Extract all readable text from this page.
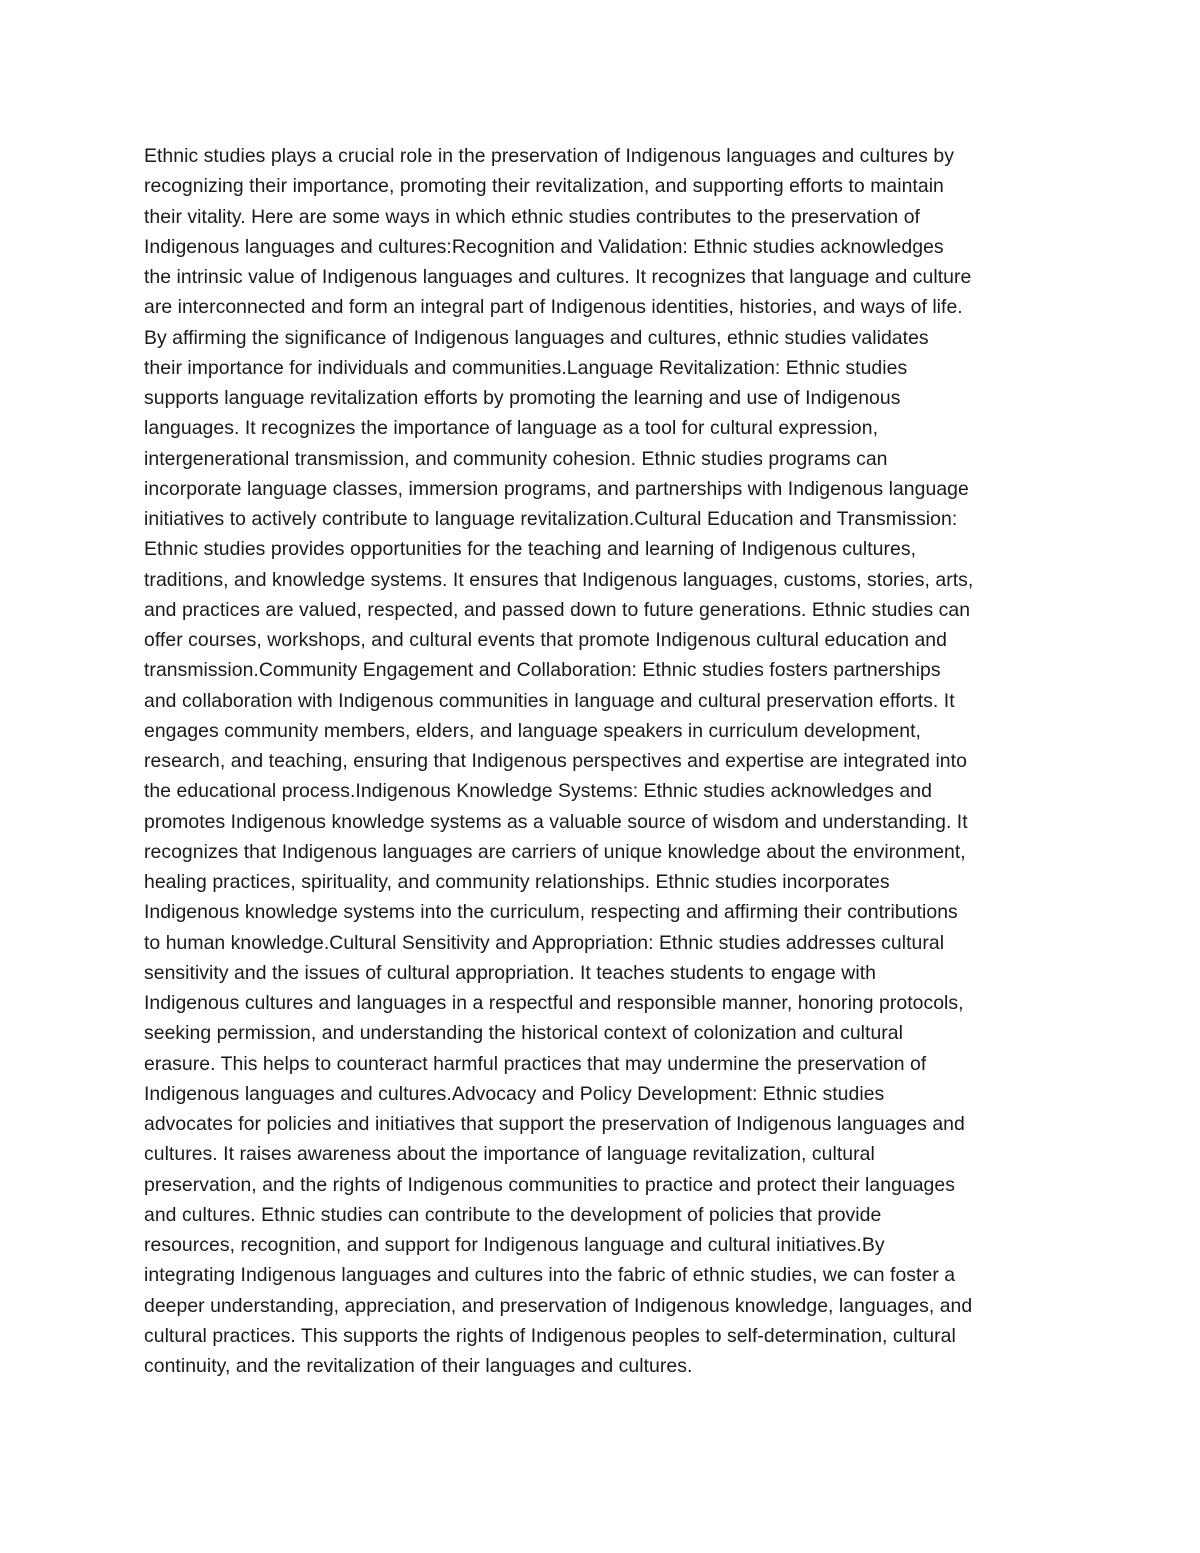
Ethnic studies plays a crucial role in the preservation of Indigenous languages and cultures by
recognizing their importance, promoting their revitalization, and supporting efforts to maintain
their vitality. Here are some ways in which ethnic studies contributes to the preservation of
Indigenous languages and cultures:Recognition and Validation: Ethnic studies acknowledges
the intrinsic value of Indigenous languages and cultures. It recognizes that language and culture
are interconnected and form an integral part of Indigenous identities, histories, and ways of life.
By affirming the significance of Indigenous languages and cultures, ethnic studies validates
their importance for individuals and communities.Language Revitalization: Ethnic studies
supports language revitalization efforts by promoting the learning and use of Indigenous
languages. It recognizes the importance of language as a tool for cultural expression,
intergenerational transmission, and community cohesion. Ethnic studies programs can
incorporate language classes, immersion programs, and partnerships with Indigenous language
initiatives to actively contribute to language revitalization.Cultural Education and Transmission:
Ethnic studies provides opportunities for the teaching and learning of Indigenous cultures,
traditions, and knowledge systems. It ensures that Indigenous languages, customs, stories, arts,
and practices are valued, respected, and passed down to future generations. Ethnic studies can
offer courses, workshops, and cultural events that promote Indigenous cultural education and
transmission.Community Engagement and Collaboration: Ethnic studies fosters partnerships
and collaboration with Indigenous communities in language and cultural preservation efforts. It
engages community members, elders, and language speakers in curriculum development,
research, and teaching, ensuring that Indigenous perspectives and expertise are integrated into
the educational process.Indigenous Knowledge Systems: Ethnic studies acknowledges and
promotes Indigenous knowledge systems as a valuable source of wisdom and understanding. It
recognizes that Indigenous languages are carriers of unique knowledge about the environment,
healing practices, spirituality, and community relationships. Ethnic studies incorporates
Indigenous knowledge systems into the curriculum, respecting and affirming their contributions
to human knowledge.Cultural Sensitivity and Appropriation: Ethnic studies addresses cultural
sensitivity and the issues of cultural appropriation. It teaches students to engage with
Indigenous cultures and languages in a respectful and responsible manner, honoring protocols,
seeking permission, and understanding the historical context of colonization and cultural
erasure. This helps to counteract harmful practices that may undermine the preservation of
Indigenous languages and cultures.Advocacy and Policy Development: Ethnic studies
advocates for policies and initiatives that support the preservation of Indigenous languages and
cultures. It raises awareness about the importance of language revitalization, cultural
preservation, and the rights of Indigenous communities to practice and protect their languages
and cultures. Ethnic studies can contribute to the development of policies that provide
resources, recognition, and support for Indigenous language and cultural initiatives.By
integrating Indigenous languages and cultures into the fabric of ethnic studies, we can foster a
deeper understanding, appreciation, and preservation of Indigenous knowledge, languages, and
cultural practices. This supports the rights of Indigenous peoples to self-determination, cultural
continuity, and the revitalization of their languages and cultures.
